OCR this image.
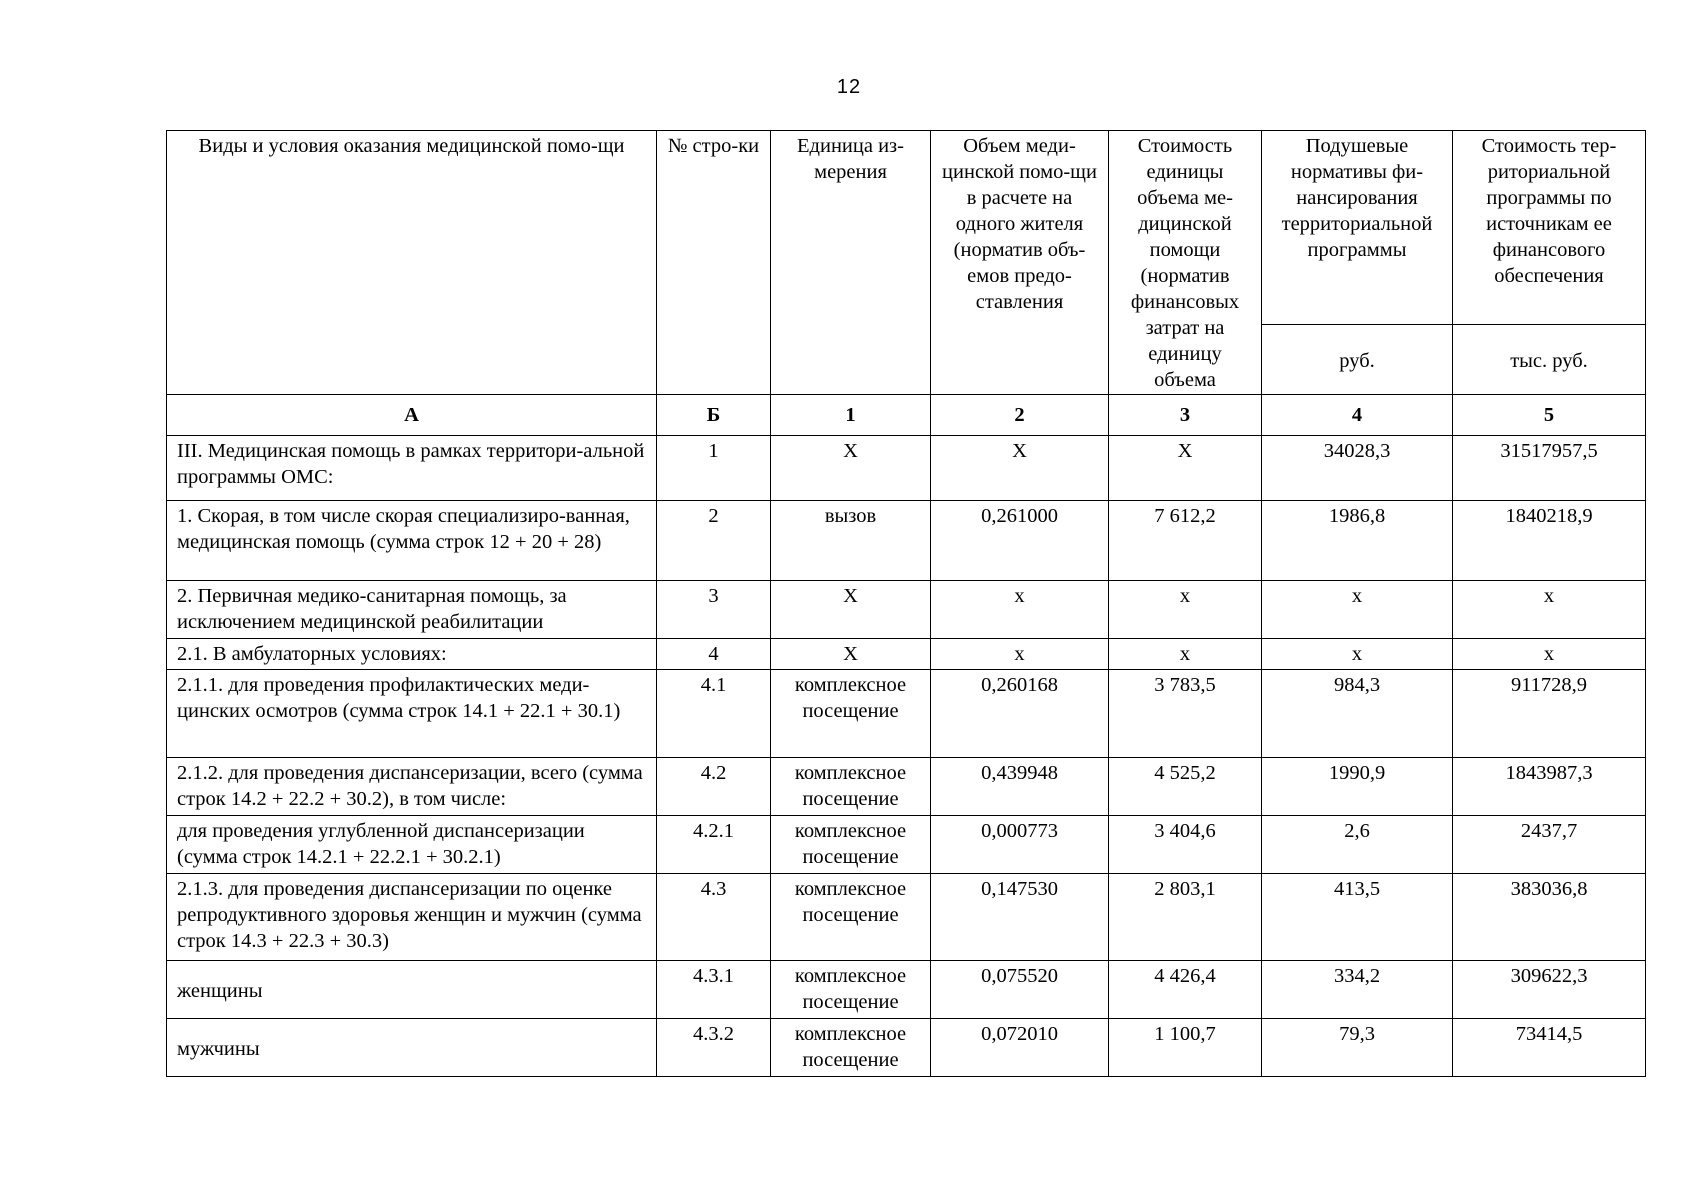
12
Виды и условия оказания медицинской помо-щи	№ стро-ки	Единица из-мерения	Объем меди-цинской помо-щи в расчете на одного жителя (норматив объ-емов предо-ставления	Стоимость единицы объема ме-дицинской помощи (норматив финансовых затрат на единицу объема	Подушевые нормативы фи-нансирования территориальной программы	Стоимость тер-риториальной программы по источникам ее финансового обеспечения
					руб.	тыс. руб.
А	Б	1	2	3	4	5
III. Медицинская помощь в рамках территори-альной программы ОМС:	1	Х	Х	Х	34028,3	31517957,5
1. Скорая, в том числе скорая специализиро-ванная, медицинская помощь (сумма строк 12 + 20 + 28)	2	вызов	0,261000	7 612,2	1986,8	1840218,9
2. Первичная медико-санитарная помощь, за исключением медицинской реабилитации	3	Х	х	х	х	х
2.1. В амбулаторных условиях:	4	Х	х	х	х	х
2.1.1. для проведения профилактических меди-цинских осмотров (сумма строк 14.1 + 22.1 + 30.1)	4.1	комплексное посещение	0,260168	3 783,5	984,3	911728,9
2.1.2. для проведения диспансеризации, всего (сумма строк 14.2 + 22.2 + 30.2), в том числе:	4.2	комплексное посещение	0,439948	4 525,2	1990,9	1843987,3
для проведения углубленной диспансеризации (сумма строк 14.2.1 + 22.2.1 + 30.2.1)	4.2.1	комплексное посещение	0,000773	3 404,6	2,6	2437,7
2.1.3. для проведения диспансеризации по оценке репродуктивного здоровья женщин и мужчин (сумма строк 14.3 + 22.3 + 30.3)	4.3	комплексное посещение	0,147530	2 803,1	413,5	383036,8
женщины	4.3.1	комплексное посещение	0,075520	4 426,4	334,2	309622,3
мужчины	4.3.2	комплексное посещение	0,072010	1 100,7	79,3	73414,5
